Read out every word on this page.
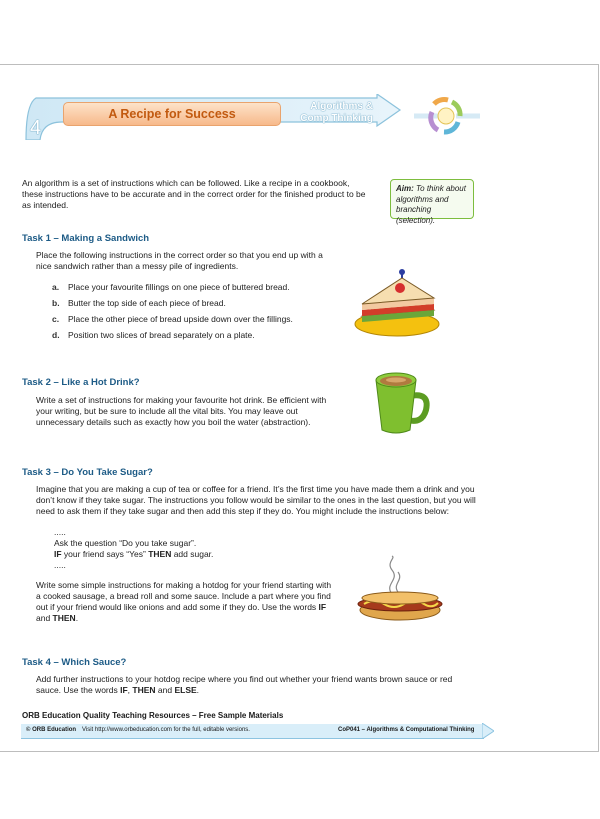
A Recipe for Success
Algorithms &
Comp Thinking
4
An algorithm is a set of instructions which can be followed. Like a recipe in a cookbook, these instructions have to be accurate and in the correct order for the finished product to be as intended.
Aim: To think about algorithms and branching (selection).
Task 1 – Making a Sandwich
Place the following instructions in the correct order so that you end up with a nice sandwich rather than a messy pile of ingredients.
a. Place your favourite fillings on one piece of buttered bread.
b. Butter the top side of each piece of bread.
c. Place the other piece of bread upside down over the fillings.
d. Position two slices of bread separately on a plate.
Task 2 – Like a Hot Drink?
Write a set of instructions for making your favourite hot drink. Be efficient with your writing, but be sure to include all the vital bits. You may leave out unnecessary details such as exactly how you boil the water (abstraction).
Task 3 – Do You Take Sugar?
Imagine that you are making a cup of tea or coffee for a friend. It’s the first time you have made them a drink and you don’t know if they take sugar. The instructions you follow would be similar to the ones in the last question, but you will need to ask them if they take sugar and then add this step if they do. You might include the instructions below:
.....
Ask the question “Do you take sugar”.
IF your friend says “Yes” THEN add sugar.
.....
Write some simple instructions for making a hotdog for your friend starting with a cooked sausage, a bread roll and some sauce. Include a part where you find out if your friend would like onions and add some if they do. Use the words IF and THEN.
Task 4 – Which Sauce?
Add further instructions to your hotdog recipe where you find out whether your friend wants brown sauce or red sauce. Use the words IF, THEN and ELSE.
ORB Education Quality Teaching Resources – Free Sample Materials
© ORB Education Visit http://www.orbeducation.com for the full, editable versions.	CoP041 – Algorithms & Computational Thinking
